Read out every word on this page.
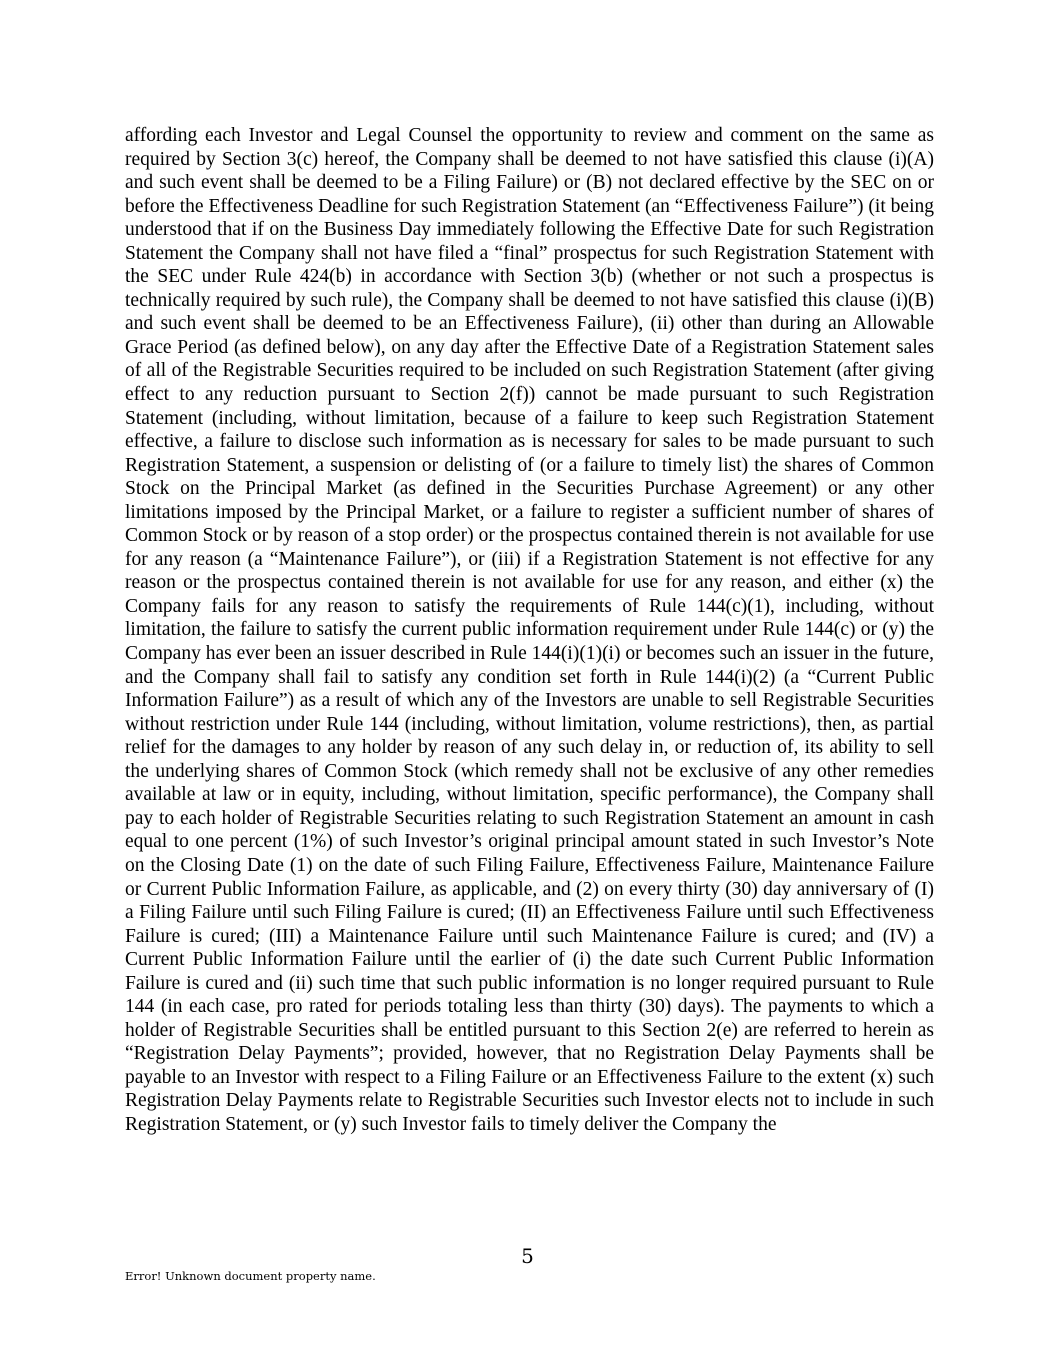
affording each Investor and Legal Counsel the opportunity to review and comment on the same as required by Section 3(c) hereof, the Company shall be deemed to not have satisfied this clause (i)(A) and such event shall be deemed to be a Filing Failure) or (B) not declared effective by the SEC on or before the Effectiveness Deadline for such Registration Statement (an “Effectiveness Failure”) (it being understood that if on the Business Day immediately following the Effective Date for such Registration Statement the Company shall not have filed a “final” prospectus for such Registration Statement with the SEC under Rule 424(b) in accordance with Section 3(b) (whether or not such a prospectus is technically required by such rule), the Company shall be deemed to not have satisfied this clause (i)(B) and such event shall be deemed to be an Effectiveness Failure), (ii) other than during an Allowable Grace Period (as defined below), on any day after the Effective Date of a Registration Statement sales of all of the Registrable Securities required to be included on such Registration Statement (after giving effect to any reduction pursuant to Section 2(f)) cannot be made pursuant to such Registration Statement (including, without limitation, because of a failure to keep such Registration Statement effective, a failure to disclose such information as is necessary for sales to be made pursuant to such Registration Statement, a suspension or delisting of (or a failure to timely list) the shares of Common Stock on the Principal Market (as defined in the Securities Purchase Agreement) or any other limitations imposed by the Principal Market, or a failure to register a sufficient number of shares of Common Stock or by reason of a stop order) or the prospectus contained therein is not available for use for any reason (a “Maintenance Failure”), or (iii) if a Registration Statement is not effective for any reason or the prospectus contained therein is not available for use for any reason, and either (x) the Company fails for any reason to satisfy the requirements of Rule 144(c)(1), including, without limitation, the failure to satisfy the current public information requirement under Rule 144(c) or (y) the Company has ever been an issuer described in Rule 144(i)(1)(i) or becomes such an issuer in the future, and the Company shall fail to satisfy any condition set forth in Rule 144(i)(2) (a “Current Public Information Failure”) as a result of which any of the Investors are unable to sell Registrable Securities without restriction under Rule 144 (including, without limitation, volume restrictions), then, as partial relief for the damages to any holder by reason of any such delay in, or reduction of, its ability to sell the underlying shares of Common Stock (which remedy shall not be exclusive of any other remedies available at law or in equity, including, without limitation, specific performance), the Company shall pay to each holder of Registrable Securities relating to such Registration Statement an amount in cash equal to one percent (1%) of such Investor’s original principal amount stated in such Investor’s Note on the Closing Date (1) on the date of such Filing Failure, Effectiveness Failure, Maintenance Failure or Current Public Information Failure, as applicable, and (2) on every thirty (30) day anniversary of (I) a Filing Failure until such Filing Failure is cured; (II) an Effectiveness Failure until such Effectiveness Failure is cured; (III) a Maintenance Failure until such Maintenance Failure is cured; and (IV) a Current Public Information Failure until the earlier of (i) the date such Current Public Information Failure is cured and (ii) such time that such public information is no longer required pursuant to Rule 144 (in each case, pro rated for periods totaling less than thirty (30) days). The payments to which a holder of Registrable Securities shall be entitled pursuant to this Section 2(e) are referred to herein as “Registration Delay Payments”; provided, however, that no Registration Delay Payments shall be payable to an Investor with respect to a Filing Failure or an Effectiveness Failure to the extent (x) such Registration Delay Payments relate to Registrable Securities such Investor elects not to include in such Registration Statement, or (y) such Investor fails to timely deliver the Company the

5
Error! Unknown document property name.
